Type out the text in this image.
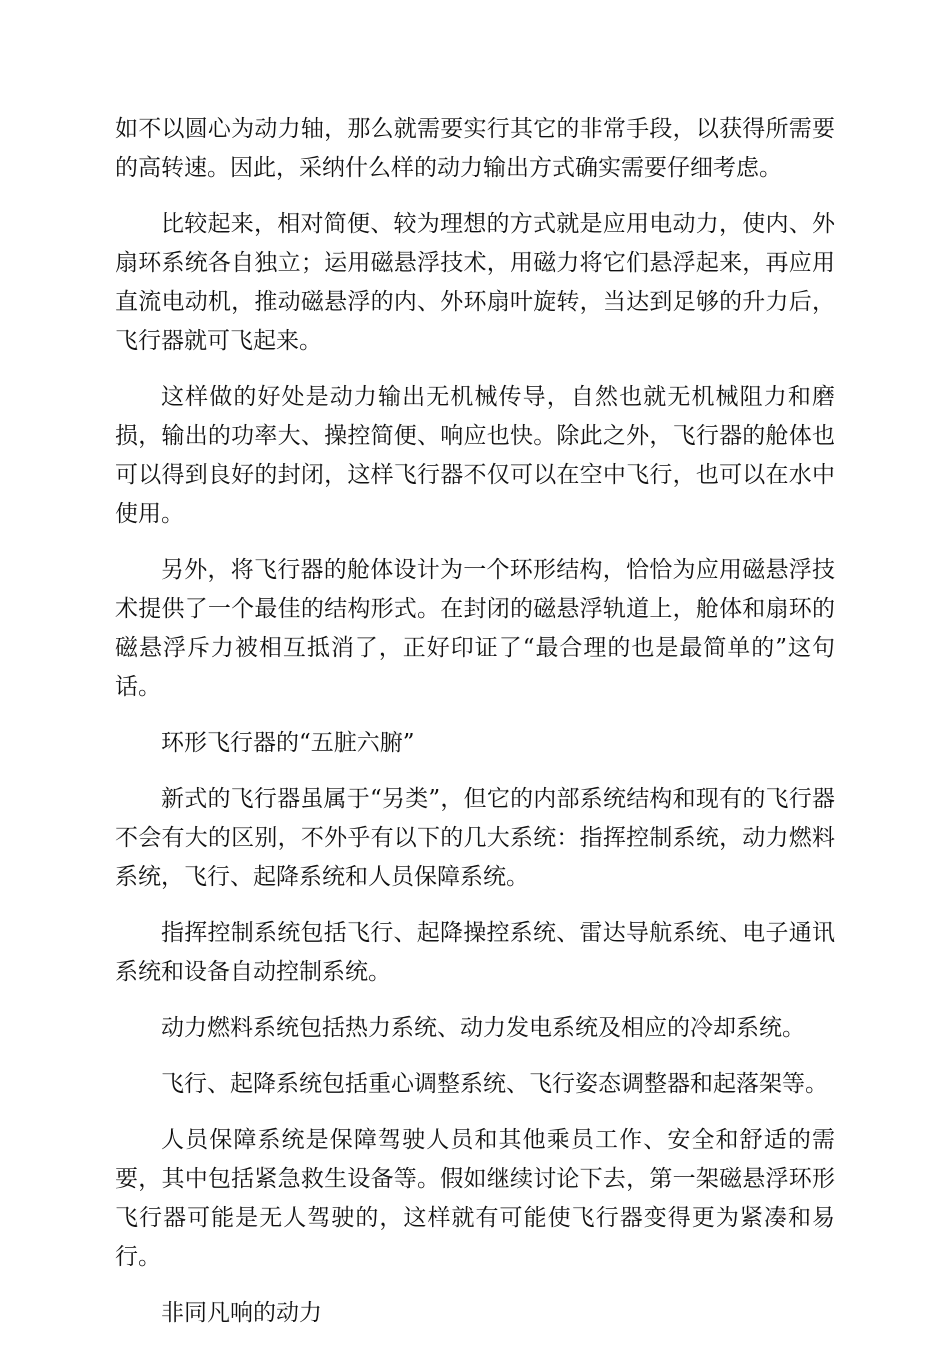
如不以圆心为动力轴，那么就需要实行其它的非常手段，以获得所需要的高转速。因此，采纳什么样的动力输出方式确实需要仔细考虑。

比较起来，相对简便、较为理想的方式就是应用电动力，使内、外扇环系统各自独立；运用磁悬浮技术，用磁力将它们悬浮起来，再应用直流电动机，推动磁悬浮的内、外环扇叶旋转，当达到足够的升力后，飞行器就可飞起来。

这样做的好处是动力输出无机械传导，自然也就无机械阻力和磨损，输出的功率大、操控简便、响应也快。除此之外，飞行器的舱体也可以得到良好的封闭，这样飞行器不仅可以在空中飞行，也可以在水中使用。

另外，将飞行器的舱体设计为一个环形结构，恰恰为应用磁悬浮技术提供了一个最佳的结构形式。在封闭的磁悬浮轨道上，舱体和扇环的磁悬浮斥力被相互抵消了，正好印证了“最合理的也是最简单的”这句话。

环形飞行器的“五脏六腑”

新式的飞行器虽属于“另类”，但它的内部系统结构和现有的飞行器不会有大的区别，不外乎有以下的几大系统：指挥控制系统，动力燃料系统，飞行、起降系统和人员保障系统。

指挥控制系统包括飞行、起降操控系统、雷达导航系统、电子通讯系统和设备自动控制系统。

动力燃料系统包括热力系统、动力发电系统及相应的冷却系统。

飞行、起降系统包括重心调整系统、飞行姿态调整器和起落架等。

人员保障系统是保障驾驶人员和其他乘员工作、安全和舒适的需要，其中包括紧急救生设备等。假如继续讨论下去，第一架磁悬浮环形飞行器可能是无人驾驶的，这样就有可能使飞行器变得更为紧凑和易行。

非同凡响的动力
